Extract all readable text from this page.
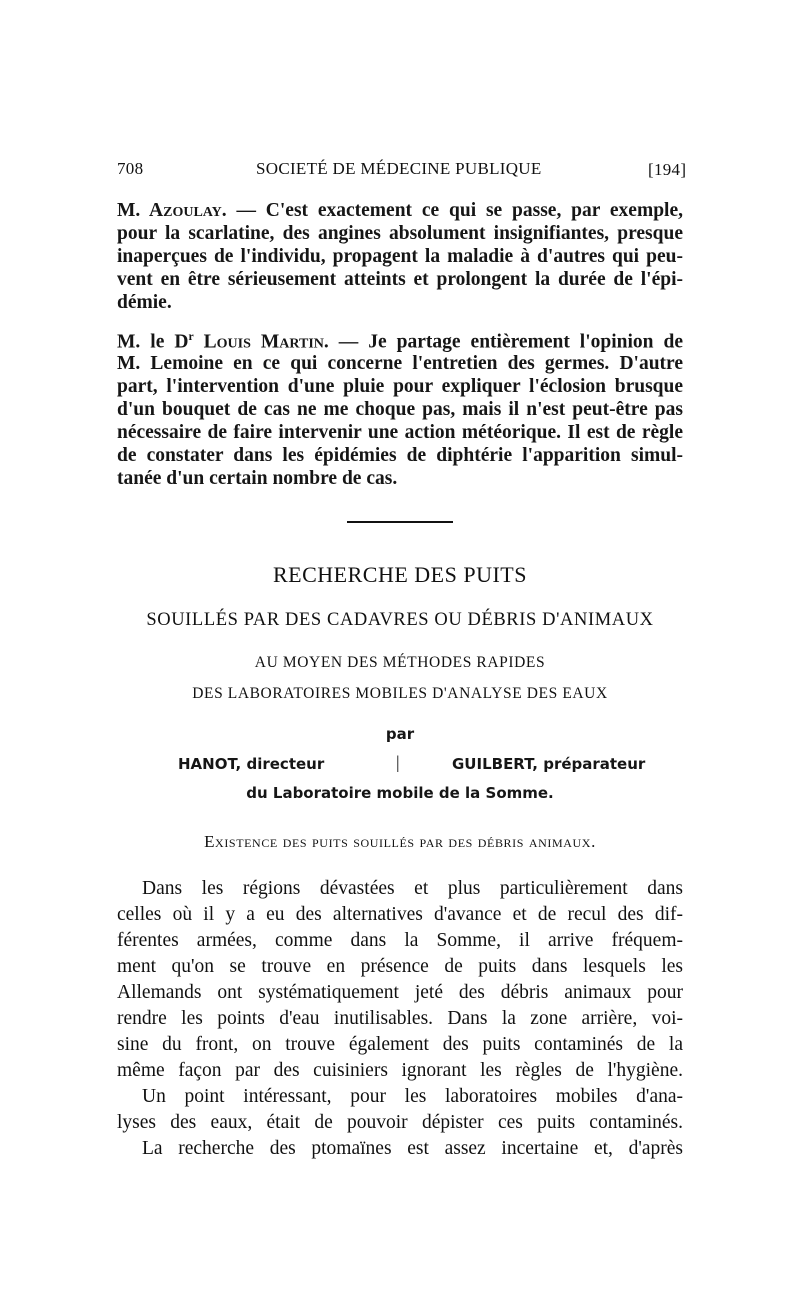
708	SOCIETÉ DE MÉDECINE PUBLIQUE	[194]
M. Azoulay. — C'est exactement ce qui se passe, par exemple,
pour la scarlatine, des angines absolument insignifiantes, presque
inaperçues de l'individu, propagent la maladie à d'autres qui peu-
vent en être sérieusement atteints et prolongent la durée de l'épi-
démie.
M. le $D^r$ Louis Martin. — Je partage entièrement l'opinion de
M. Lemoine en ce qui concerne l'entretien des germes. D'autre
part, l'intervention d'une pluie pour expliquer l'éclosion brusque
d'un bouquet de cas ne me choque pas, mais il n'est peut-être pas
nécessaire de faire intervenir une action météorique. Il est de règle
de constater dans les épidémies de diphtérie l'apparition simul-
tanée d'un certain nombre de cas.
RECHERCHE DES PUITS
SOUILLÉS PAR DES CADAVRES OU DÉBRIS D'ANIMAUX
AU MOYEN DES MÉTHODES RAPIDES
DES LABORATOIRES MOBILES D'ANALYSE DES EAUX
par
HANOT, directeur	|	GUILBERT, préparateur
du Laboratoire mobile de la Somme.
Existence des puits souillés par des débris animaux.
Dans les régions dévastées et plus particulièrement dans
celles où il y a eu des alternatives d'avance et de recul des dif-
férentes armées, comme dans la Somme, il arrive fréquem-
ment qu'on se trouve en présence de puits dans lesquels les
Allemands ont systématiquement jeté des débris animaux pour
rendre les points d'eau inutilisables. Dans la zone arrière, voi-
sine du front, on trouve également des puits contaminés de la
même façon par des cuisiniers ignorant les règles de l'hygiène.
Un point intéressant, pour les laboratoires mobiles d'ana-
lyses des eaux, était de pouvoir dépister ces puits contaminés.
La recherche des ptomaïnes est assez incertaine et, d'après
